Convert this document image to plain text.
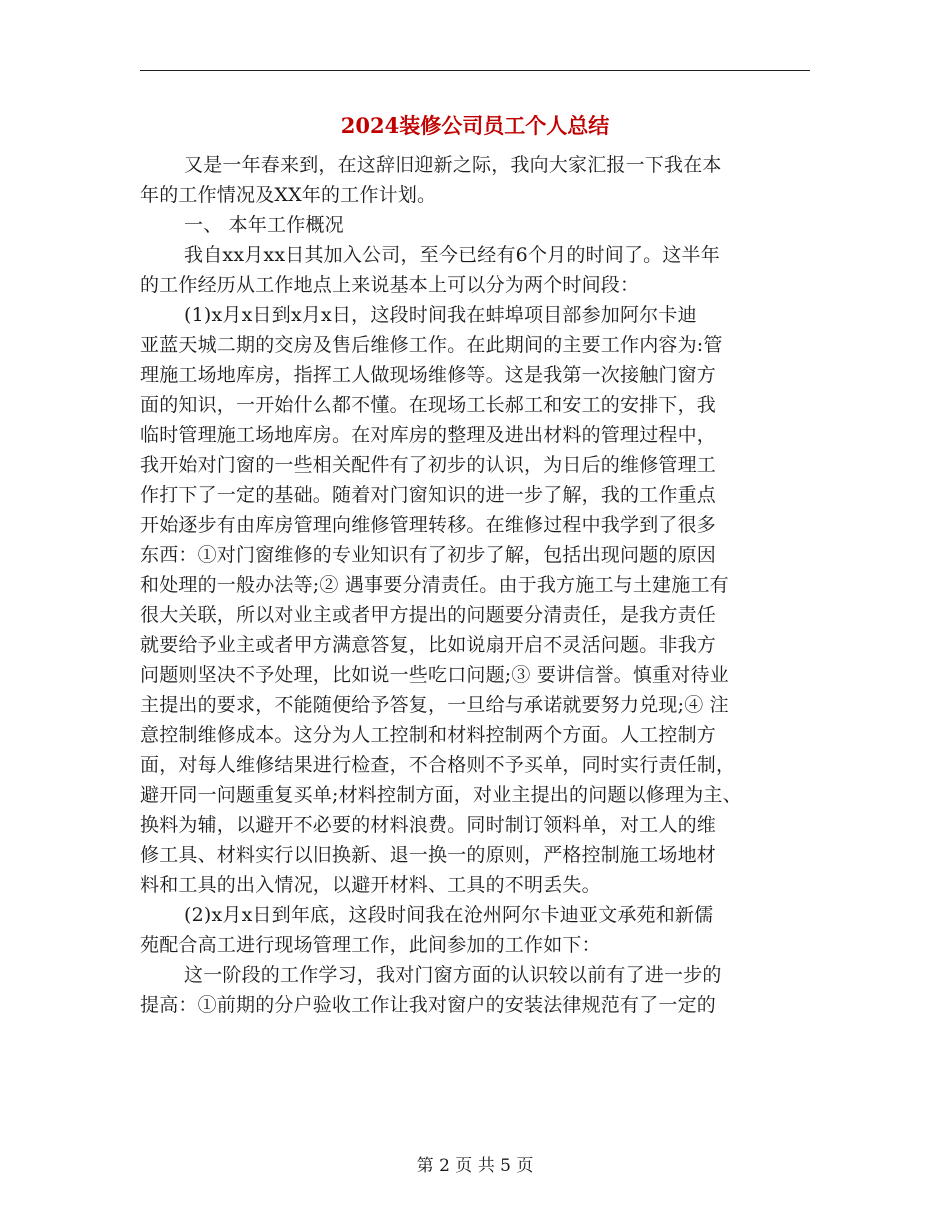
2024装修公司员工个人总结
又是一年春来到，在这辞旧迎新之际，我向大家汇报一下我在本
年的工作情况及XX年的工作计划。
一、 本年工作概况
我自xx月xx日其加入公司，至今已经有6个月的时间了。这半年
的工作经历从工作地点上来说基本上可以分为两个时间段：
(1)x月x日到x月x日，这段时间我在蚌埠项目部参加阿尔卡迪
亚蓝天城二期的交房及售后维修工作。在此期间的主要工作内容为:管
理施工场地库房，指挥工人做现场维修等。这是我第一次接触门窗方
面的知识，一开始什么都不懂。在现场工长郝工和安工的安排下，我
临时管理施工场地库房。在对库房的整理及进出材料的管理过程中，
我开始对门窗的一些相关配件有了初步的认识，为日后的维修管理工
作打下了一定的基础。随着对门窗知识的进一步了解，我的工作重点
开始逐步有由库房管理向维修管理转移。在维修过程中我学到了很多
东西：①对门窗维修的专业知识有了初步了解，包括出现问题的原因
和处理的一般办法等;② 遇事要分清责任。由于我方施工与土建施工有
很大关联，所以对业主或者甲方提出的问题要分清责任，是我方责任
就要给予业主或者甲方满意答复，比如说扇开启不灵活问题。非我方
问题则坚决不予处理，比如说一些吃口问题;③ 要讲信誉。慎重对待业
主提出的要求，不能随便给予答复，一旦给与承诺就要努力兑现;④ 注
意控制维修成本。这分为人工控制和材料控制两个方面。人工控制方
面，对每人维修结果进行检查，不合格则不予买单，同时实行责任制，
避开同一问题重复买单;材料控制方面，对业主提出的问题以修理为主、
换料为辅，以避开不必要的材料浪费。同时制订领料单，对工人的维
修工具、材料实行以旧换新、退一换一的原则，严格控制施工场地材
料和工具的出入情况，以避开材料、工具的不明丢失。
(2)x月x日到年底，这段时间我在沧州阿尔卡迪亚文承苑和新儒
苑配合高工进行现场管理工作，此间参加的工作如下：
这一阶段的工作学习，我对门窗方面的认识较以前有了进一步的
提高：①前期的分户验收工作让我对窗户的安装法律规范有了一定的
第 2 页 共 5 页
